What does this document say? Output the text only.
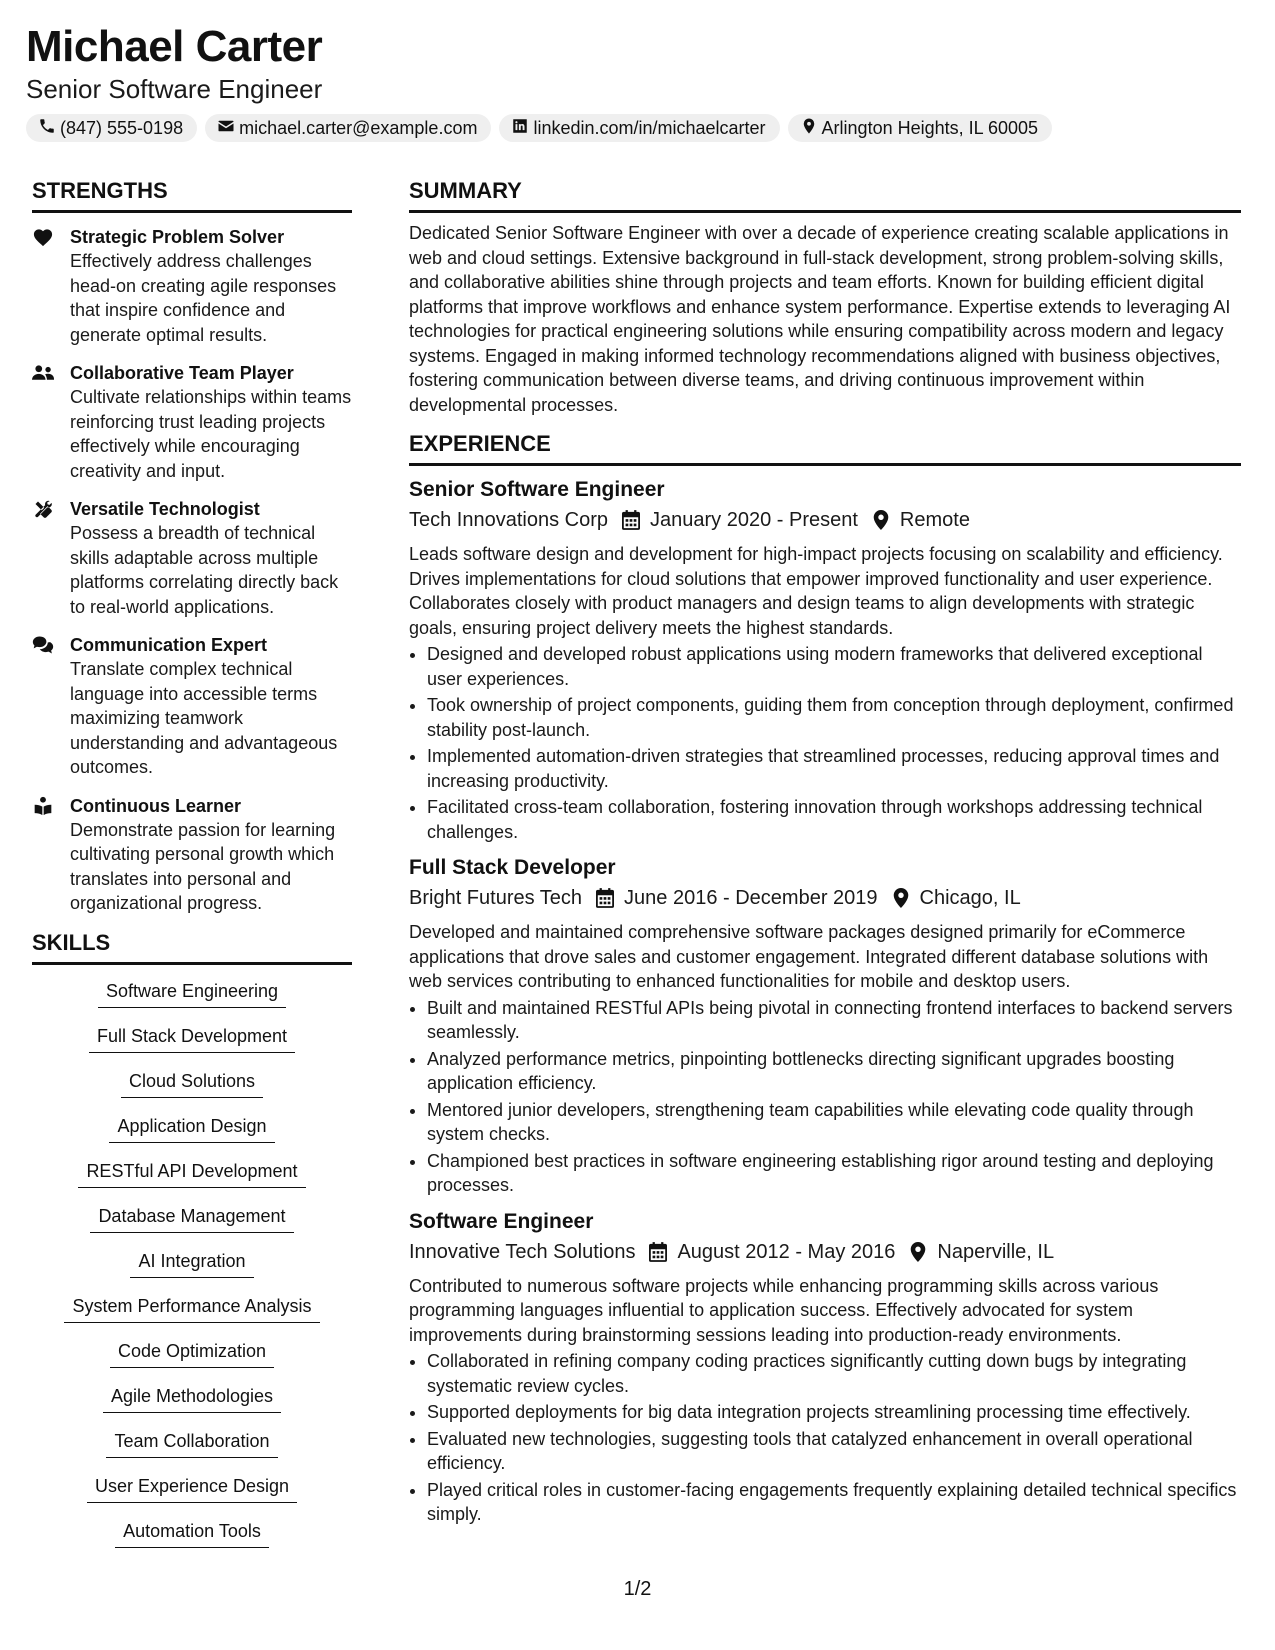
Michael Carter
Senior Software Engineer
(847) 555-0198	michael.carter@example.com	linkedin.com/in/michaelcarter	Arlington Heights, IL 60005
STRENGTHS
Strategic Problem Solver
Effectively address challenges head-on creating agile responses that inspire confidence and generate optimal results.
Collaborative Team Player
Cultivate relationships within teams reinforcing trust leading projects effectively while encouraging creativity and input.
Versatile Technologist
Possess a breadth of technical skills adaptable across multiple platforms correlating directly back to real-world applications.
Communication Expert
Translate complex technical language into accessible terms maximizing teamwork understanding and advantageous outcomes.
Continuous Learner
Demonstrate passion for learning cultivating personal growth which translates into personal and organizational progress.
SKILLS
Software Engineering
Full Stack Development
Cloud Solutions
Application Design
RESTful API Development
Database Management
AI Integration
System Performance Analysis
Code Optimization
Agile Methodologies
Team Collaboration
User Experience Design
Automation Tools
SUMMARY
Dedicated Senior Software Engineer with over a decade of experience creating scalable applications in web and cloud settings. Extensive background in full-stack development, strong problem-solving skills, and collaborative abilities shine through projects and team efforts. Known for building efficient digital platforms that improve workflows and enhance system performance. Expertise extends to leveraging AI technologies for practical engineering solutions while ensuring compatibility across modern and legacy systems. Engaged in making informed technology recommendations aligned with business objectives, fostering communication between diverse teams, and driving continuous improvement within developmental processes.
EXPERIENCE
Senior Software Engineer
Tech Innovations Corp January 2020 - Present Remote
Leads software design and development for high-impact projects focusing on scalability and efficiency. Drives implementations for cloud solutions that empower improved functionality and user experience. Collaborates closely with product managers and design teams to align developments with strategic goals, ensuring project delivery meets the highest standards.
• Designed and developed robust applications using modern frameworks that delivered exceptional user experiences.
• Took ownership of project components, guiding them from conception through deployment, confirmed stability post-launch.
• Implemented automation-driven strategies that streamlined processes, reducing approval times and increasing productivity.
• Facilitated cross-team collaboration, fostering innovation through workshops addressing technical challenges.
Full Stack Developer
Bright Futures Tech June 2016 - December 2019 Chicago, IL
Developed and maintained comprehensive software packages designed primarily for eCommerce applications that drove sales and customer engagement. Integrated different database solutions with web services contributing to enhanced functionalities for mobile and desktop users.
• Built and maintained RESTful APIs being pivotal in connecting frontend interfaces to backend servers seamlessly.
• Analyzed performance metrics, pinpointing bottlenecks directing significant upgrades boosting application efficiency.
• Mentored junior developers, strengthening team capabilities while elevating code quality through system checks.
• Championed best practices in software engineering establishing rigor around testing and deploying processes.
Software Engineer
Innovative Tech Solutions August 2012 - May 2016 Naperville, IL
Contributed to numerous software projects while enhancing programming skills across various programming languages influential to application success. Effectively advocated for system improvements during brainstorming sessions leading into production-ready environments.
• Collaborated in refining company coding practices significantly cutting down bugs by integrating systematic review cycles.
• Supported deployments for big data integration projects streamlining processing time effectively.
• Evaluated new technologies, suggesting tools that catalyzed enhancement in overall operational efficiency.
• Played critical roles in customer-facing engagements frequently explaining detailed technical specifics simply.
1/2
